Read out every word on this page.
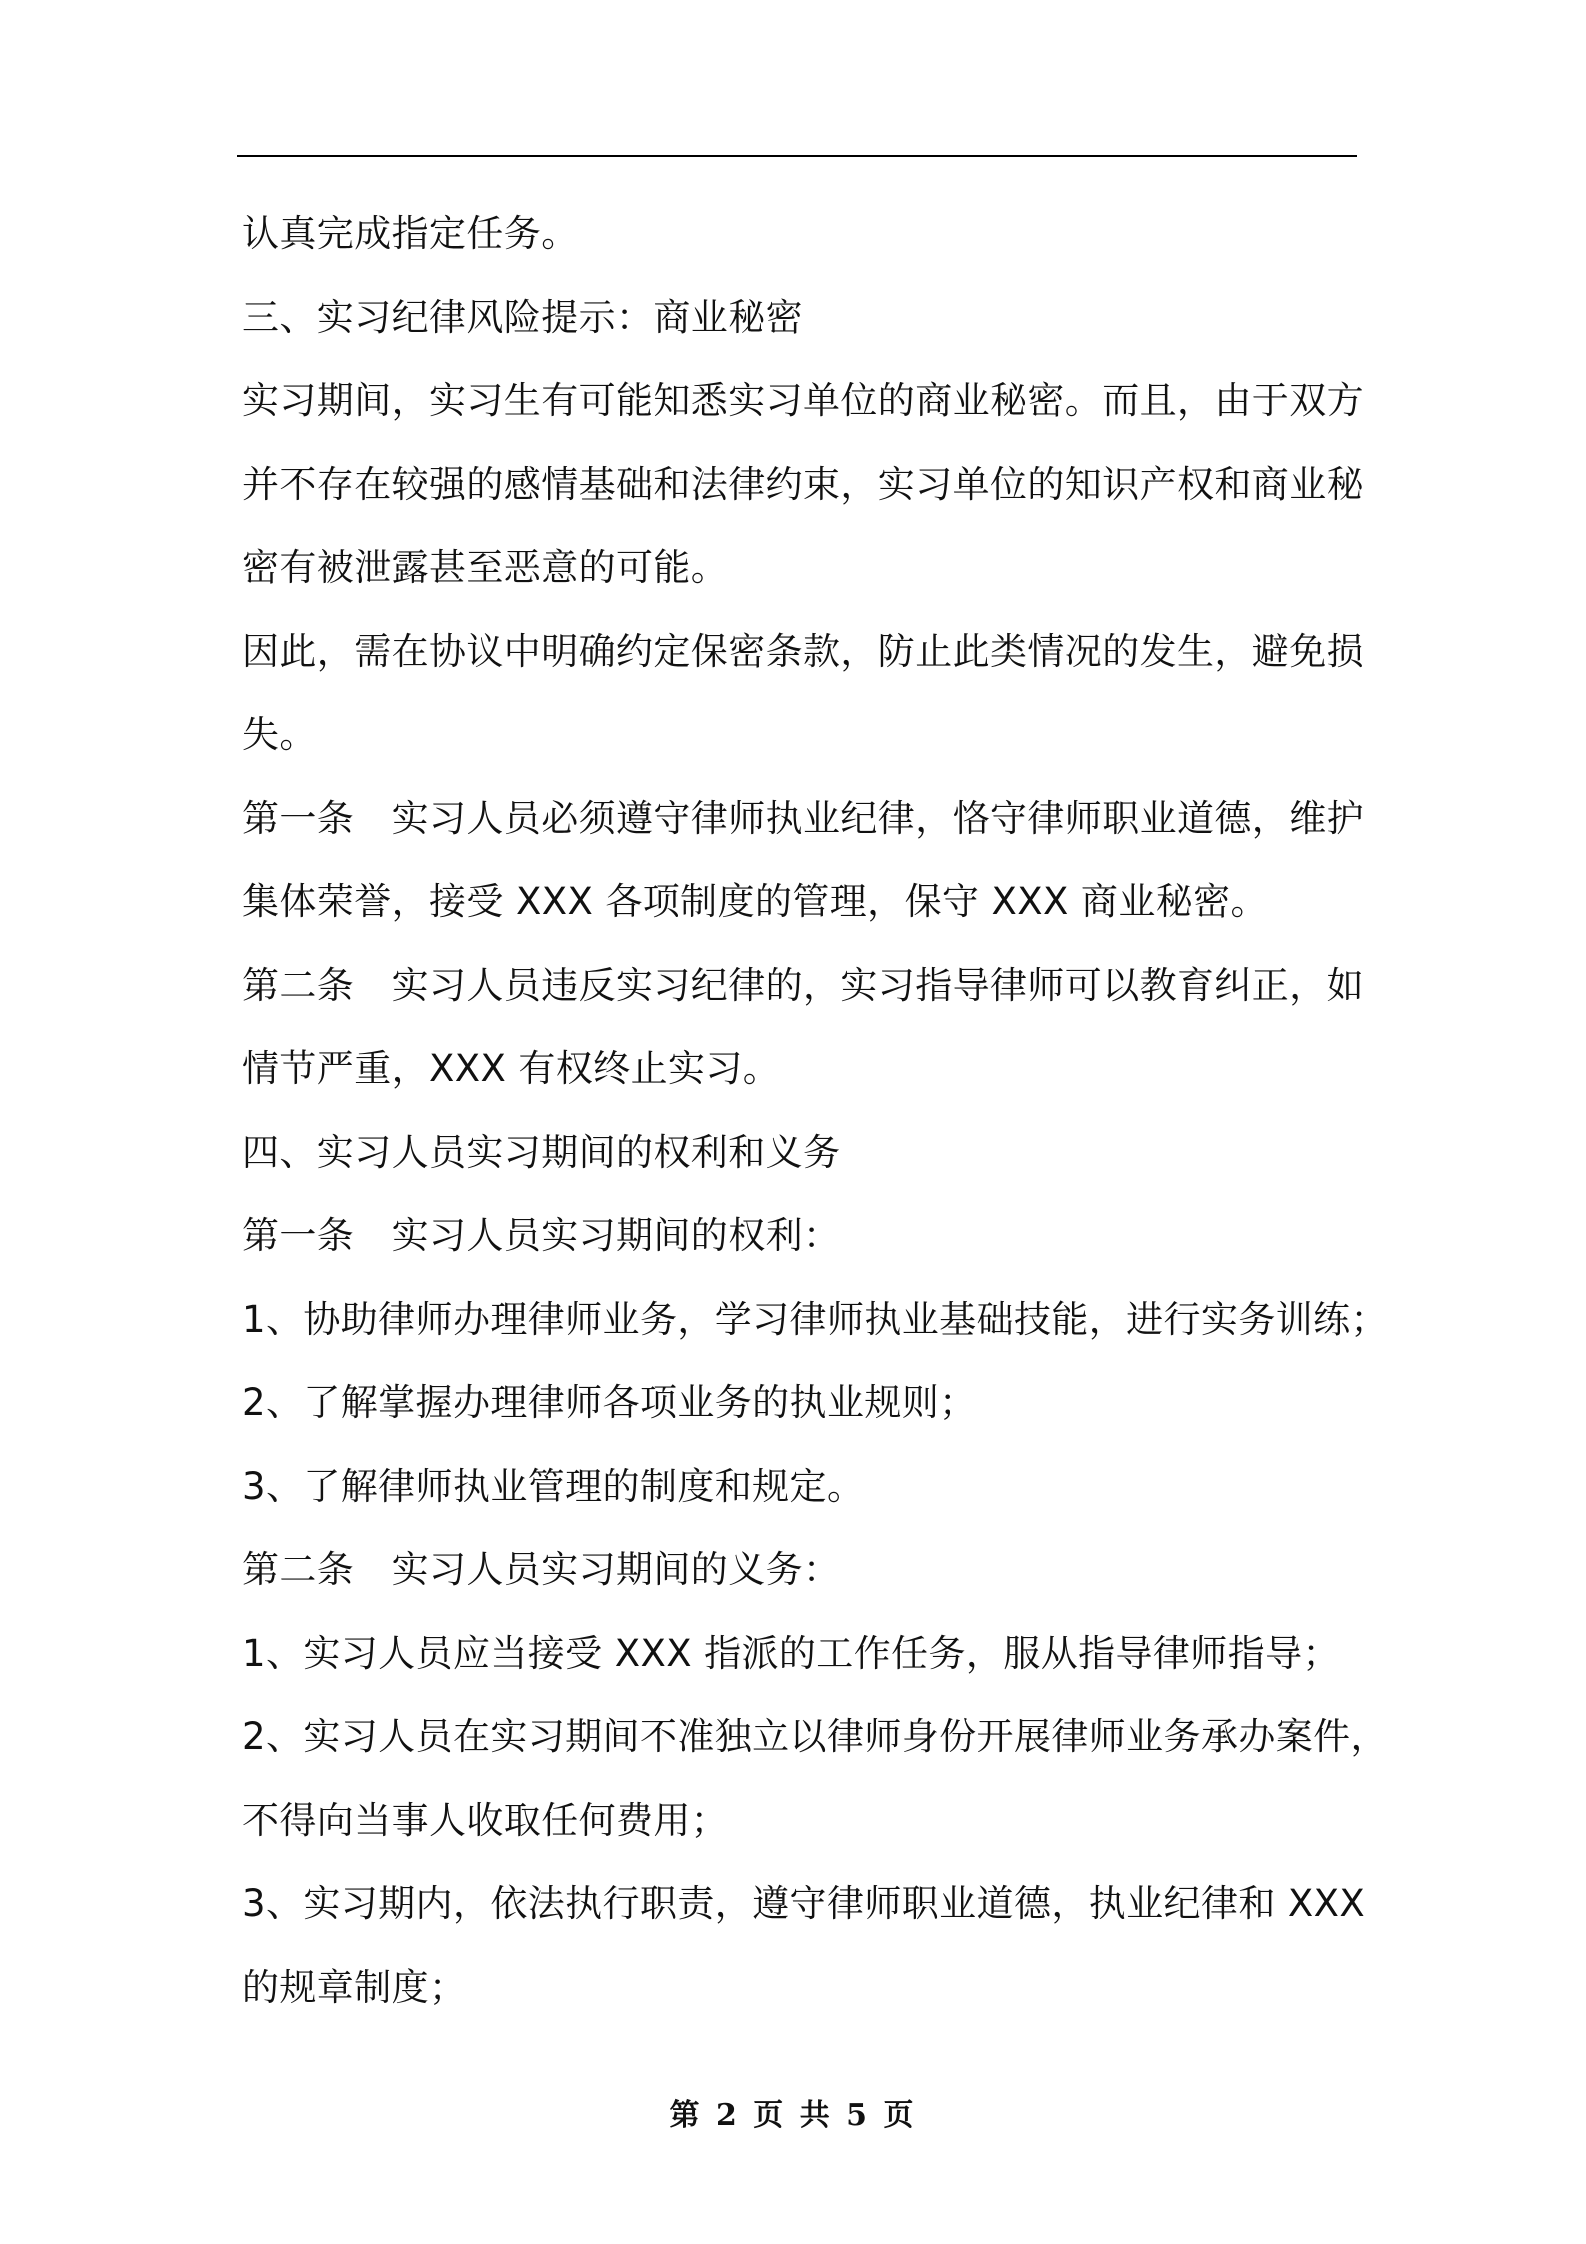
认真完成指定任务。
三、实习纪律风险提示：商业秘密
实习期间，实习生有可能知悉实习单位的商业秘密。而且，由于双方
并不存在较强的感情基础和法律约束，实习单位的知识产权和商业秘
密有被泄露甚至恶意的可能。
因此，需在协议中明确约定保密条款，防止此类情况的发生，避免损
失。
第一条　实习人员必须遵守律师执业纪律，恪守律师职业道德，维护
集体荣誉，接受 XXX 各项制度的管理，保守 XXX 商业秘密。
第二条　实习人员违反实习纪律的，实习指导律师可以教育纠正，如
情节严重，XXX 有权终止实习。
四、实习人员实习期间的权利和义务
第一条　实习人员实习期间的权利：
1、协助律师办理律师业务，学习律师执业基础技能，进行实务训练；
2、了解掌握办理律师各项业务的执业规则；
3、了解律师执业管理的制度和规定。
第二条　实习人员实习期间的义务：
1、实习人员应当接受 XXX 指派的工作任务，服从指导律师指导；
2、实习人员在实习期间不准独立以律师身份开展律师业务承办案件，
不得向当事人收取任何费用；
3、实习期内，依法执行职责，遵守律师职业道德，执业纪律和 XXX
的规章制度；
第 2 页 共 5 页
